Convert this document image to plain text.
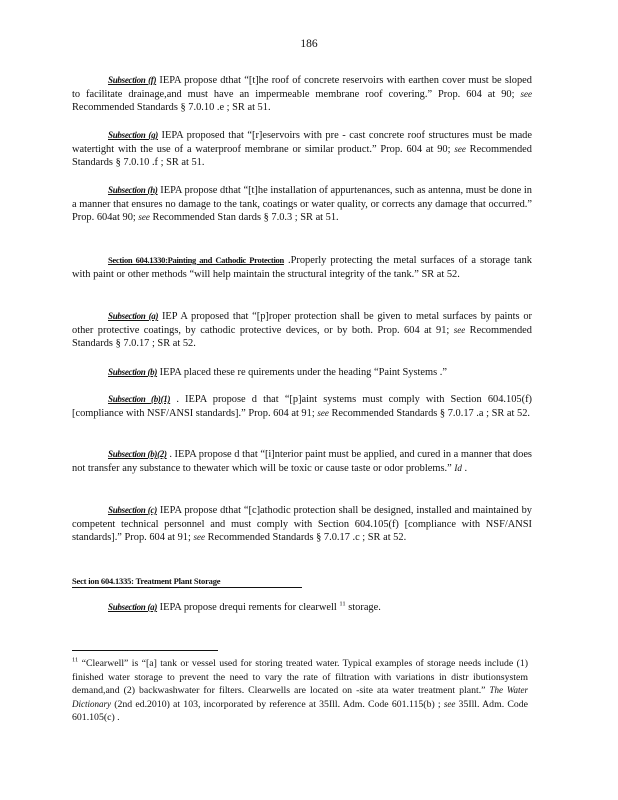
186
Subsection (f) IEPA propose dthat “[t]he roof of concrete reservoirs with earthen cover must be sloped to facilitate drainage,and must have an impermeable membrane roof covering.” Prop. 604 at 90; see Recommended Standards § 7.0.10 .e ; SR at 51.
Subsection (g) IEPA proposed that “[r]eservoirs with pre - cast concrete roof structures must be made watertight with the use of a waterproof membrane or similar product.” Prop. 604 at 90; see Recommended Standards § 7.0.10 .f ; SR at 51.
Subsection (h) IEPA propose dthat “[t]he installation of appurtenances, such as antenna, must be done in a manner that ensures no damage to the tank, coatings or water quality, or corrects any damage that occurred.” Prop. 604at 90; see Recommended Stan dards § 7.0.3 ; SR at 51.
Section 604.1330:Painting and Cathodic Protection .Properly protecting the metal surfaces of a storage tank with paint or other methods “will help maintain the structural integrity of the tank.” SR at 52.
Subsection (a) IEP A proposed that “[p]roper protection shall be given to metal surfaces by paints or other protective coatings, by cathodic protective devices, or by both. Prop. 604 at 91; see Recommended Standards § 7.0.17 ; SR at 52.
Subsection (b) IEPA placed these re quirements under the heading “Paint Systems .”
Subsection (b)(1) . IEPA propose d that “[p]aint systems must comply with Section 604.105(f) [compliance with NSF/ANSI standards].” Prop. 604 at 91; see Recommended Standards § 7.0.17 .a ; SR at 52.
Subsection (b)(2) . IEPA propose d that “[i]nterior paint must be applied, and cured in a manner that does not transfer any substance to thewater which will be toxic or cause taste or odor problems.” Id .
Subsection (c) IEPA propose dthat “[c]athodic protection shall be designed, installed and maintained by competent technical personnel and must comply with Section 604.105(f) [compliance with NSF/ANSI standards].” Prop. 604 at 91; see Recommended Standards § 7.0.17 .c ; SR at 52.
Sect ion 604.1335: Treatment Plant Storage
Subsection (a) IEPA propose drequi rements for clearwell $^{11}$ storage.
$^{11}$ “Clearwell” is “[a] tank or vessel used for storing treated water. Typical examples of storage needs include (1) finished water storage to prevent the need to vary the rate of filtration with variations in distr ibutionsystem demand,and (2) backwashwater for filters. Clearwells are located on -site ata water treatment plant.” The Water Dictionary (2nd ed.2010) at 103, incorporated by reference at 35Ill. Adm. Code 601.115(b) ; see 35Ill. Adm. Code 601.105(c) .
